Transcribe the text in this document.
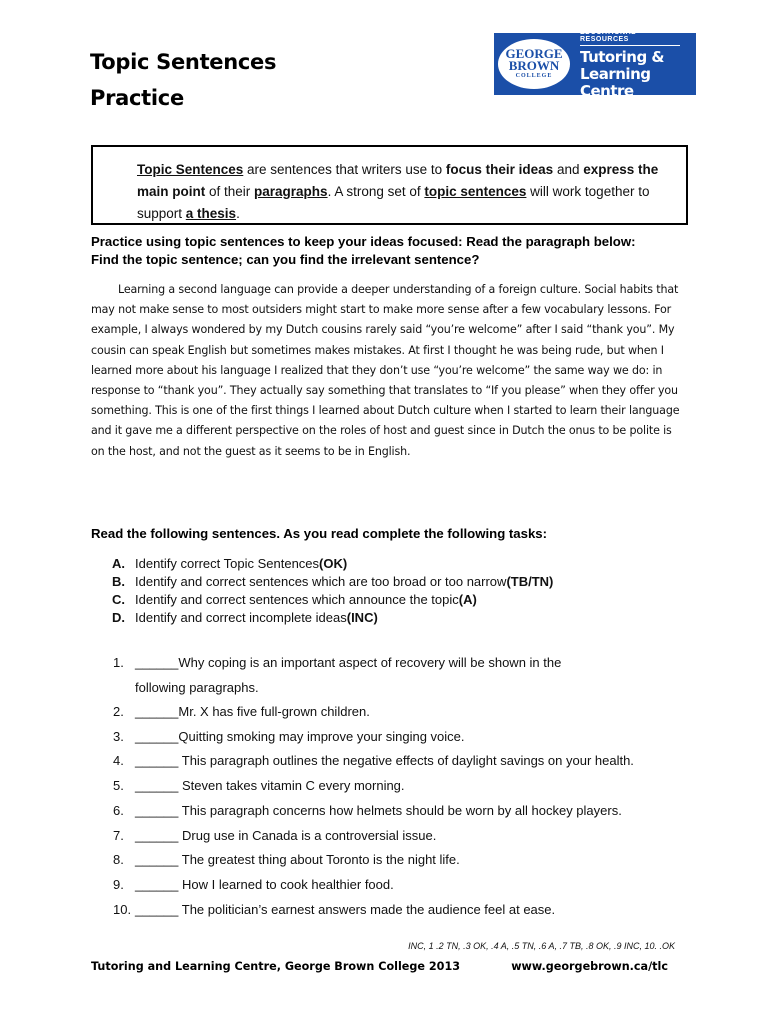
Topic Sentences
Practice
GEORGE
BROWN
COLLEGE
EDUCATIONAL RESOURCES
Tutoring &
Learning Centre
Topic Sentences are sentences that writers use to focus their ideas and express the main point of their paragraphs. A strong set of topic sentences will work together to support a thesis.
Practice using topic sentences to keep your ideas focused: Read the paragraph below:
Find the topic sentence; can you find the irrelevant sentence?
Learning a second language can provide a deeper understanding of a foreign culture. Social habits that may not make sense to most outsiders might start to make more sense after a few vocabulary lessons. For example, I always wondered by my Dutch cousins rarely said “you’re welcome” after I said “thank you”. My cousin can speak English but sometimes makes mistakes. At first I thought he was being rude, but when I learned more about his language I realized that they don’t use “you’re welcome” the same way we do: in response to “thank you”. They actually say something that translates to “If you please” when they offer you something. This is one of the first things I learned about Dutch culture when I started to learn their language and it gave me a different perspective on the roles of host and guest since in Dutch the onus to be polite is on the host, and not the guest as it seems to be in English.
Read the following sentences. As you read complete the following tasks:
A. Identify correct Topic Sentences (OK)
B. Identify and correct sentences which are too broad or too narrow (TB/TN)
C. Identify and correct sentences which announce the topic (A)
D. Identify and correct incomplete ideas (INC)
1. ______Why coping is an important aspect of recovery will be shown in the
following paragraphs.
2. ______Mr. X has five full-grown children.
3. ______Quitting smoking may improve your singing voice.
4. ______ This paragraph outlines the negative effects of daylight savings on your health.
5. ______ Steven takes vitamin C every morning.
6. ______ This paragraph concerns how helmets should be worn by all hockey players.
7. ______ Drug use in Canada is a controversial issue.
8. ______ The greatest thing about Toronto is the night life.
9. ______ How I learned to cook healthier food.
10. ______ The politician’s earnest answers made the audience feel at ease.
INC, 1 .2 TN, .3 OK, .4 A, .5 TN, .6 A, .7 TB, .8 OK, .9 INC, 10. .OK
Tutoring and Learning Centre, George Brown College 2013	www.georgebrown.ca/tlc
